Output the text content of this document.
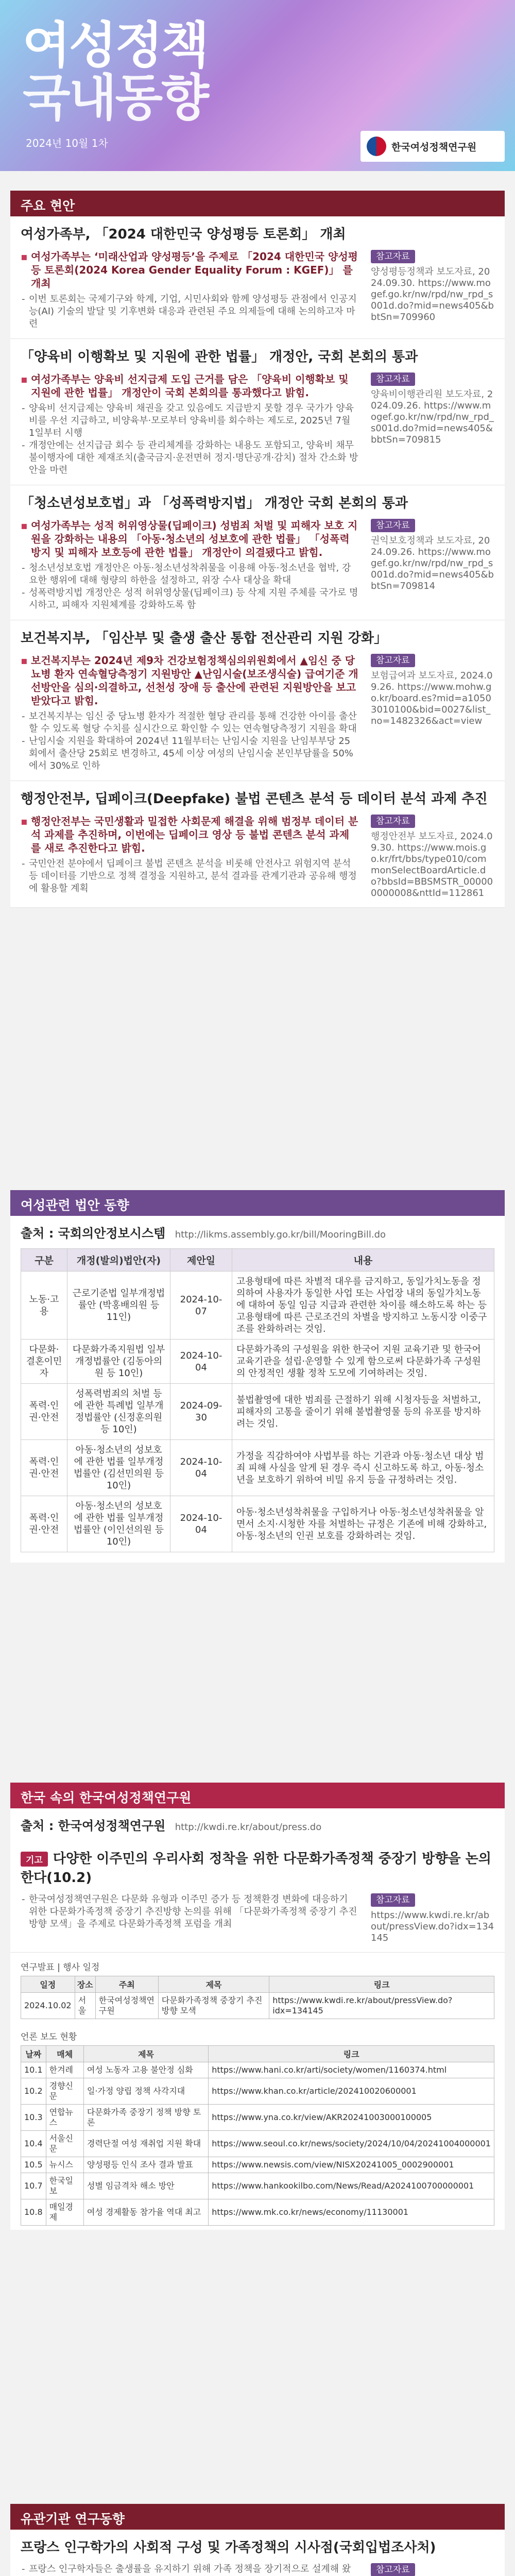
여성정책
국내동향
2024년 10월 1차	한국여성정책연구원
주요 현안
여성가족부, 「2024 대한민국 양성평등 토론회」 개최
▪ 여성가족부는 ‘미래산업과 양성평등’을 주제로 「2024 대한민국 양성평등 토론회(2024 Korea Gender Equality Forum : KGEF)」 를 개최
- 이번 토론회는 국제기구와 학계, 기업, 시민사회와 함께 양성평등 관점에서 인공지능(AI) 기술의 발달 및 기후변화 대응과 관련된 주요 의제들에 대해 논의하고자 마련
참고자료
양성평등정책과 보도자료, 2024.09.30. https://www.mogef.go.kr/nw/rpd/nw_rpd_s001d.do?mid=news405&bbtSn=709960
「양육비 이행확보 및 지원에 관한 법률」 개정안, 국회 본회의 통과
▪ 여성가족부는 양육비 선지급제 도입 근거를 담은 「양육비 이행확보 및 지원에 관한 법률」 개정안이 국회 본회의를 통과했다고 밝힘.
- 양육비 선지급제는 양육비 채권을 갖고 있음에도 지급받지 못할 경우 국가가 양육비를 우선 지급하고, 비양육부·모로부터 양육비를 회수하는 제도로, 2025년 7월 1일부터 시행
- 개정안에는 선지급금 회수 등 관리체계를 강화하는 내용도 포함되고, 양육비 채무 불이행자에 대한 제재조치(출국금지·운전면허 정지·명단공개·감치) 절차 간소화 방안을 마련
참고자료
양육비이행관리원 보도자료, 2024.09.26. https://www.mogef.go.kr/nw/rpd/nw_rpd_s001d.do?mid=news405&bbtSn=709815
「청소년성보호법」과 「성폭력방지법」 개정안 국회 본회의 통과
▪ 여성가족부는 성적 허위영상물(딥페이크) 성범죄 처벌 및 피해자 보호 지원을 강화하는 내용의 「아동·청소년의 성보호에 관한 법률」 「성폭력방지 및 피해자 보호등에 관한 법률」 개정안이 의결됐다고 밝힘.
- 청소년성보호법 개정안은 아동·청소년성착취물을 이용해 아동·청소년을 협박, 강요한 행위에 대해 형량의 하한을 설정하고, 위장 수사 대상을 확대
- 성폭력방지법 개정안은 성적 허위영상물(딥페이크) 등 삭제 지원 주체를 국가로 명시하고, 피해자 지원체계를 강화하도록 함
참고자료
권익보호정책과 보도자료, 2024.09.26. https://www.mogef.go.kr/nw/rpd/nw_rpd_s001d.do?mid=news405&bbtSn=709814
보건복지부, 「임산부 및 출생 출산 통합 전산관리 지원 강화」
▪ 보건복지부는 2024년 제9차 건강보험정책심의위원회에서 ▲임신 중 당뇨병 환자 연속혈당측정기 지원방안 ▲난임시술(보조생식술) 급여기준 개선방안을 심의·의결하고, 선천성 장애 등 출산에 관련된 지원방안을 보고받았다고 밝힘.
- 보건복지부는 임신 중 당뇨병 환자가 적절한 혈당 관리를 통해 건강한 아이를 출산할 수 있도록 혈당 수치를 실시간으로 확인할 수 있는 연속혈당측정기 지원을 확대
- 난임시술 지원을 확대하여 2024년 11월부터는 난임시술 지원을 난임부부당 25회에서 출산당 25회로 변경하고, 45세 이상 여성의 난임시술 본인부담률을 50%에서 30%로 인하
참고자료
보험급여과 보도자료, 2024.09.26. https://www.mohw.go.kr/board.es?mid=a10503010100&bid=0027&list_no=1482326&act=view
행정안전부, 딥페이크(Deepfake) 불법 콘텐츠 분석 등 데이터 분석 과제 추진
▪ 행정안전부는 국민생활과 밀접한 사회문제 해결을 위해 범정부 데이터 분석 과제를 추진하며, 이번에는 딥페이크 영상 등 불법 콘텐츠 분석 과제를 새로 추진한다고 밝힘.
- 국민안전 분야에서 딥페이크 불법 콘텐츠 분석을 비롯해 안전사고 위험지역 분석 등 데이터를 기반으로 정책 결정을 지원하고, 분석 결과를 관계기관과 공유해 행정에 활용할 계획
참고자료
행정안전부 보도자료, 2024.09.30. https://www.mois.go.kr/frt/bbs/type010/commonSelectBoardArticle.do?bbsId=BBSMSTR_000000000008&nttId=112861
여성관련 법안 동향
출처 : 국회의안정보시스템 http://likms.assembly.go.kr/bill/MooringBill.do
구분	개정(발의)법안(자)	제안일	내용
노동·고용	근로기준법 일부개정법률안 (박홍배의원 등 11인)	2024-10-07	고용형태에 따른 차별적 대우를 금지하고, 동일가치노동을 정의하여 사용자가 동일한 사업 또는 사업장 내의 동일가치노동에 대하여 동일 임금 지급과 관련한 차이를 해소하도록 하는 등 고용형태에 따른 근로조건의 차별을 방지하고 노동시장 이중구조를 완화하려는 것임.
다문화·결혼이민자	다문화가족지원법 일부개정법률안 (김동아의원 등 10인)	2024-10-04	다문화가족의 구성원을 위한 한국어 지원 교육기관 및 한국어 교육기관을 설립·운영할 수 있게 함으로써 다문화가족 구성원의 안정적인 생활 정착 도모에 기여하려는 것임.
폭력·인권·안전	성폭력범죄의 처벌 등에 관한 특례법 일부개정법률안 (신정훈의원 등 10인)	2024-09-30	불법촬영에 대한 범죄를 근절하기 위해 시청자등을 처벌하고, 피해자의 고통을 줄이기 위해 불법촬영물 등의 유포를 방지하려는 것임.
폭력·인권·안전	아동·청소년의 성보호에 관한 법률 일부개정법률안 (김선민의원 등 10인)	2024-10-04	가정을 직감하여야 사법부를 하는 기관과 아동·청소년 대상 범죄 피해 사실을 알게 된 경우 즉시 신고하도록 하고, 아동·청소년을 보호하기 위하여 비밀 유지 등을 규정하려는 것임.
폭력·인권·안전	아동·청소년의 성보호에 관한 법률 일부개정법률안 (이인선의원 등 10인)	2024-10-04	아동·청소년성착취물을 구입하거나 아동·청소년성착취물을 알면서 소지·시청한 자를 처벌하는 규정은 기존에 비해 강화하고, 아동·청소년의 인권 보호를 강화하려는 것임.
한국 속의 한국여성정책연구원
출처 : 한국여성정책연구원 http://kwdi.re.kr/about/press.do
기고 다양한 이주민의 우리사회 정착을 위한 다문화가족정책 중장기 방향을 논의한다(10.2)
- 한국여성정책연구원은 다문화 유형과 이주민 증가 등 정책환경 변화에 대응하기 위한 다문화가족정책 중장기 추진방향 논의를 위해 「다문화가족정책 중장기 추진 방향 모색」을 주제로 다문화가족정책 포럼을 개최
참고자료
https://www.kwdi.re.kr/about/pressView.do?idx=134145
연구발표 | 행사 일정
일정	장소	주최	제목	링크
2024.10.02	서울	한국여성정책연구원	다문화가족정책 중장기 추진방향 모색	https://www.kwdi.re.kr/about/pressView.do?idx=134145
언론 보도 현황
날짜	매체	제목	링크
10.1	한겨레	여성 노동자 고용 불안정 심화	https://www.hani.co.kr/arti/society/women/1160374.html
10.2	경향신문	일·가정 양립 정책 사각지대	https://www.khan.co.kr/article/202410020600001
10.3	연합뉴스	다문화가족 중장기 정책 방향 토론	https://www.yna.co.kr/view/AKR20241003000100005
10.4	서울신문	경력단절 여성 재취업 지원 확대	https://www.seoul.co.kr/news/society/2024/10/04/20241004000001
10.5	뉴시스	양성평등 인식 조사 결과 발표	https://www.newsis.com/view/NISX20241005_0002900001
10.7	한국일보	성별 임금격차 해소 방안	https://www.hankookilbo.com/News/Read/A2024100700000001
10.8	매일경제	여성 경제활동 참가율 역대 최고	https://www.mk.co.kr/news/economy/11130001
유관기관 연구동향
프랑스 인구학가의 사회적 구성 및 가족정책의 시사점(국회입법조사처)
- 프랑스 인구학자들은 출생률을 유지하기 위해 가족 정책을 장기적으로 설계해 왔	참고자료
